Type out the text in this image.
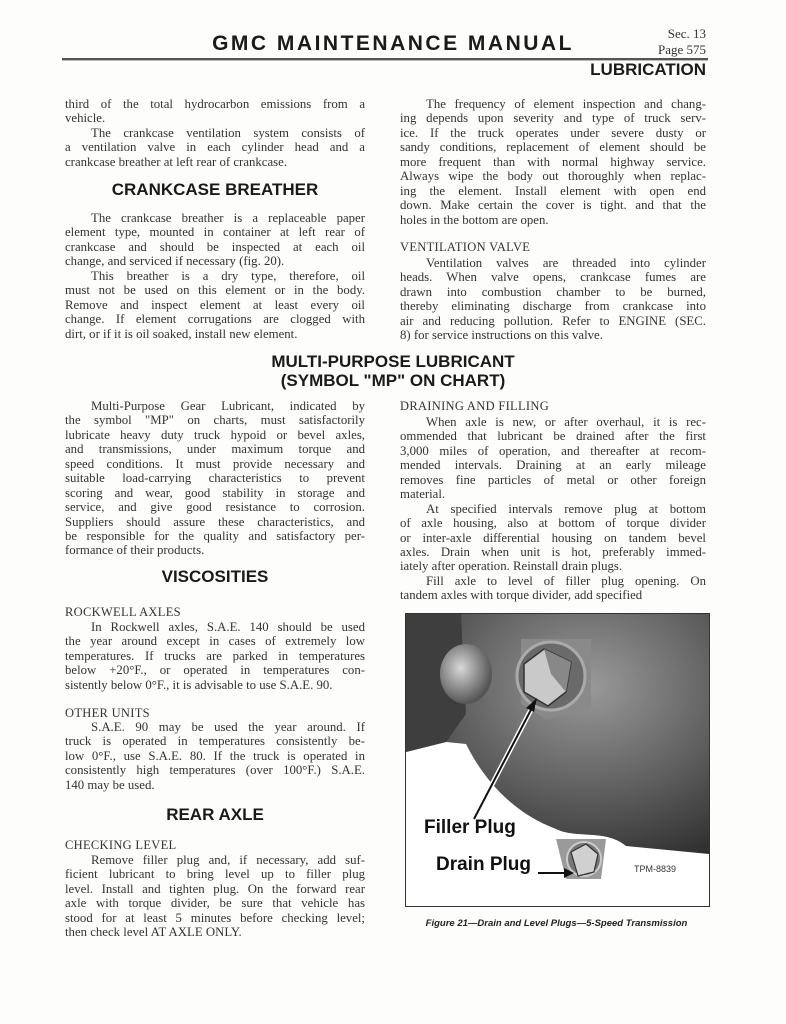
GMC MAINTENANCE MANUAL	Sec. 13
Page 575
LUBRICATION
third of the total hydrocarbon emissions from a
vehicle.
The crankcase ventilation system consists of
a ventilation valve in each cylinder head and a
crankcase breather at left rear of crankcase.
CRANKCASE BREATHER
The crankcase breather is a replaceable paper
element type, mounted in container at left rear of
crankcase and should be inspected at each oil
change, and serviced if necessary (fig. 20).
This breather is a dry type, therefore, oil
must not be used on this element or in the body.
Remove and inspect element at least every oil
change. If element corrugations are clogged with
dirt, or if it is oil soaked, install new element.
The frequency of element inspection and chang-
ing depends upon severity and type of truck serv-
ice. If the truck operates under severe dusty or
sandy conditions, replacement of element should be
more frequent than with normal highway service.
Always wipe the body out thoroughly when replac-
ing the element. Install element with open end
down. Make certain the cover is tight. and that the
holes in the bottom are open.
VENTILATION VALVE
Ventilation valves are threaded into cylinder
heads. When valve opens, crankcase fumes are
drawn into combustion chamber to be burned,
thereby eliminating discharge from crankcase into
air and reducing pollution. Refer to ENGINE (SEC.
8) for service instructions on this valve.
MULTI-PURPOSE LUBRICANT
(SYMBOL "MP" ON CHART)
Multi-Purpose Gear Lubricant, indicated by
the symbol "MP" on charts, must satisfactorily
lubricate heavy duty truck hypoid or bevel axles,
and transmissions, under maximum torque and
speed conditions. It must provide necessary and
suitable load-carrying characteristics to prevent
scoring and wear, good stability in storage and
service, and give good resistance to corrosion.
Suppliers should assure these characteristics, and
be responsible for the quality and satisfactory per-
formance of their products.
VISCOSITIES
ROCKWELL AXLES
In Rockwell axles, S.A.E. 140 should be used
the year around except in cases of extremely low
temperatures. If trucks are parked in temperatures
below +20°F., or operated in temperatures con-
sistently below 0°F., it is advisable to use S.A.E. 90.
OTHER UNITS
S.A.E. 90 may be used the year around. If
truck is operated in temperatures consistently be-
low 0°F., use S.A.E. 80. If the truck is operated in
consistently high temperatures (over 100°F.) S.A.E.
140 may be used.
REAR AXLE
CHECKING LEVEL
Remove filler plug and, if necessary, add suf-
ficient lubricant to bring level up to filler plug
level. Install and tighten plug. On the forward rear
axle with torque divider, be sure that vehicle has
stood for at least 5 minutes before checking level;
then check level AT AXLE ONLY.
DRAINING AND FILLING
When axle is new, or after overhaul, it is rec-
ommended that lubricant be drained after the first
3,000 miles of operation, and thereafter at recom-
mended intervals. Draining at an early mileage
removes fine particles of metal or other foreign
material.
At specified intervals remove plug at bottom
of axle housing, also at bottom of torque divider
or inter-axle differential housing on tandem bevel
axles. Drain when unit is hot, preferably immed-
iately after operation. Reinstall drain plugs.
Fill axle to level of filler plug opening. On
tandem axles with torque divider, add specified
Filler Plug
Drain Plug	TPM-8839
Figure 21—Drain and Level Plugs—5-Speed Transmission
